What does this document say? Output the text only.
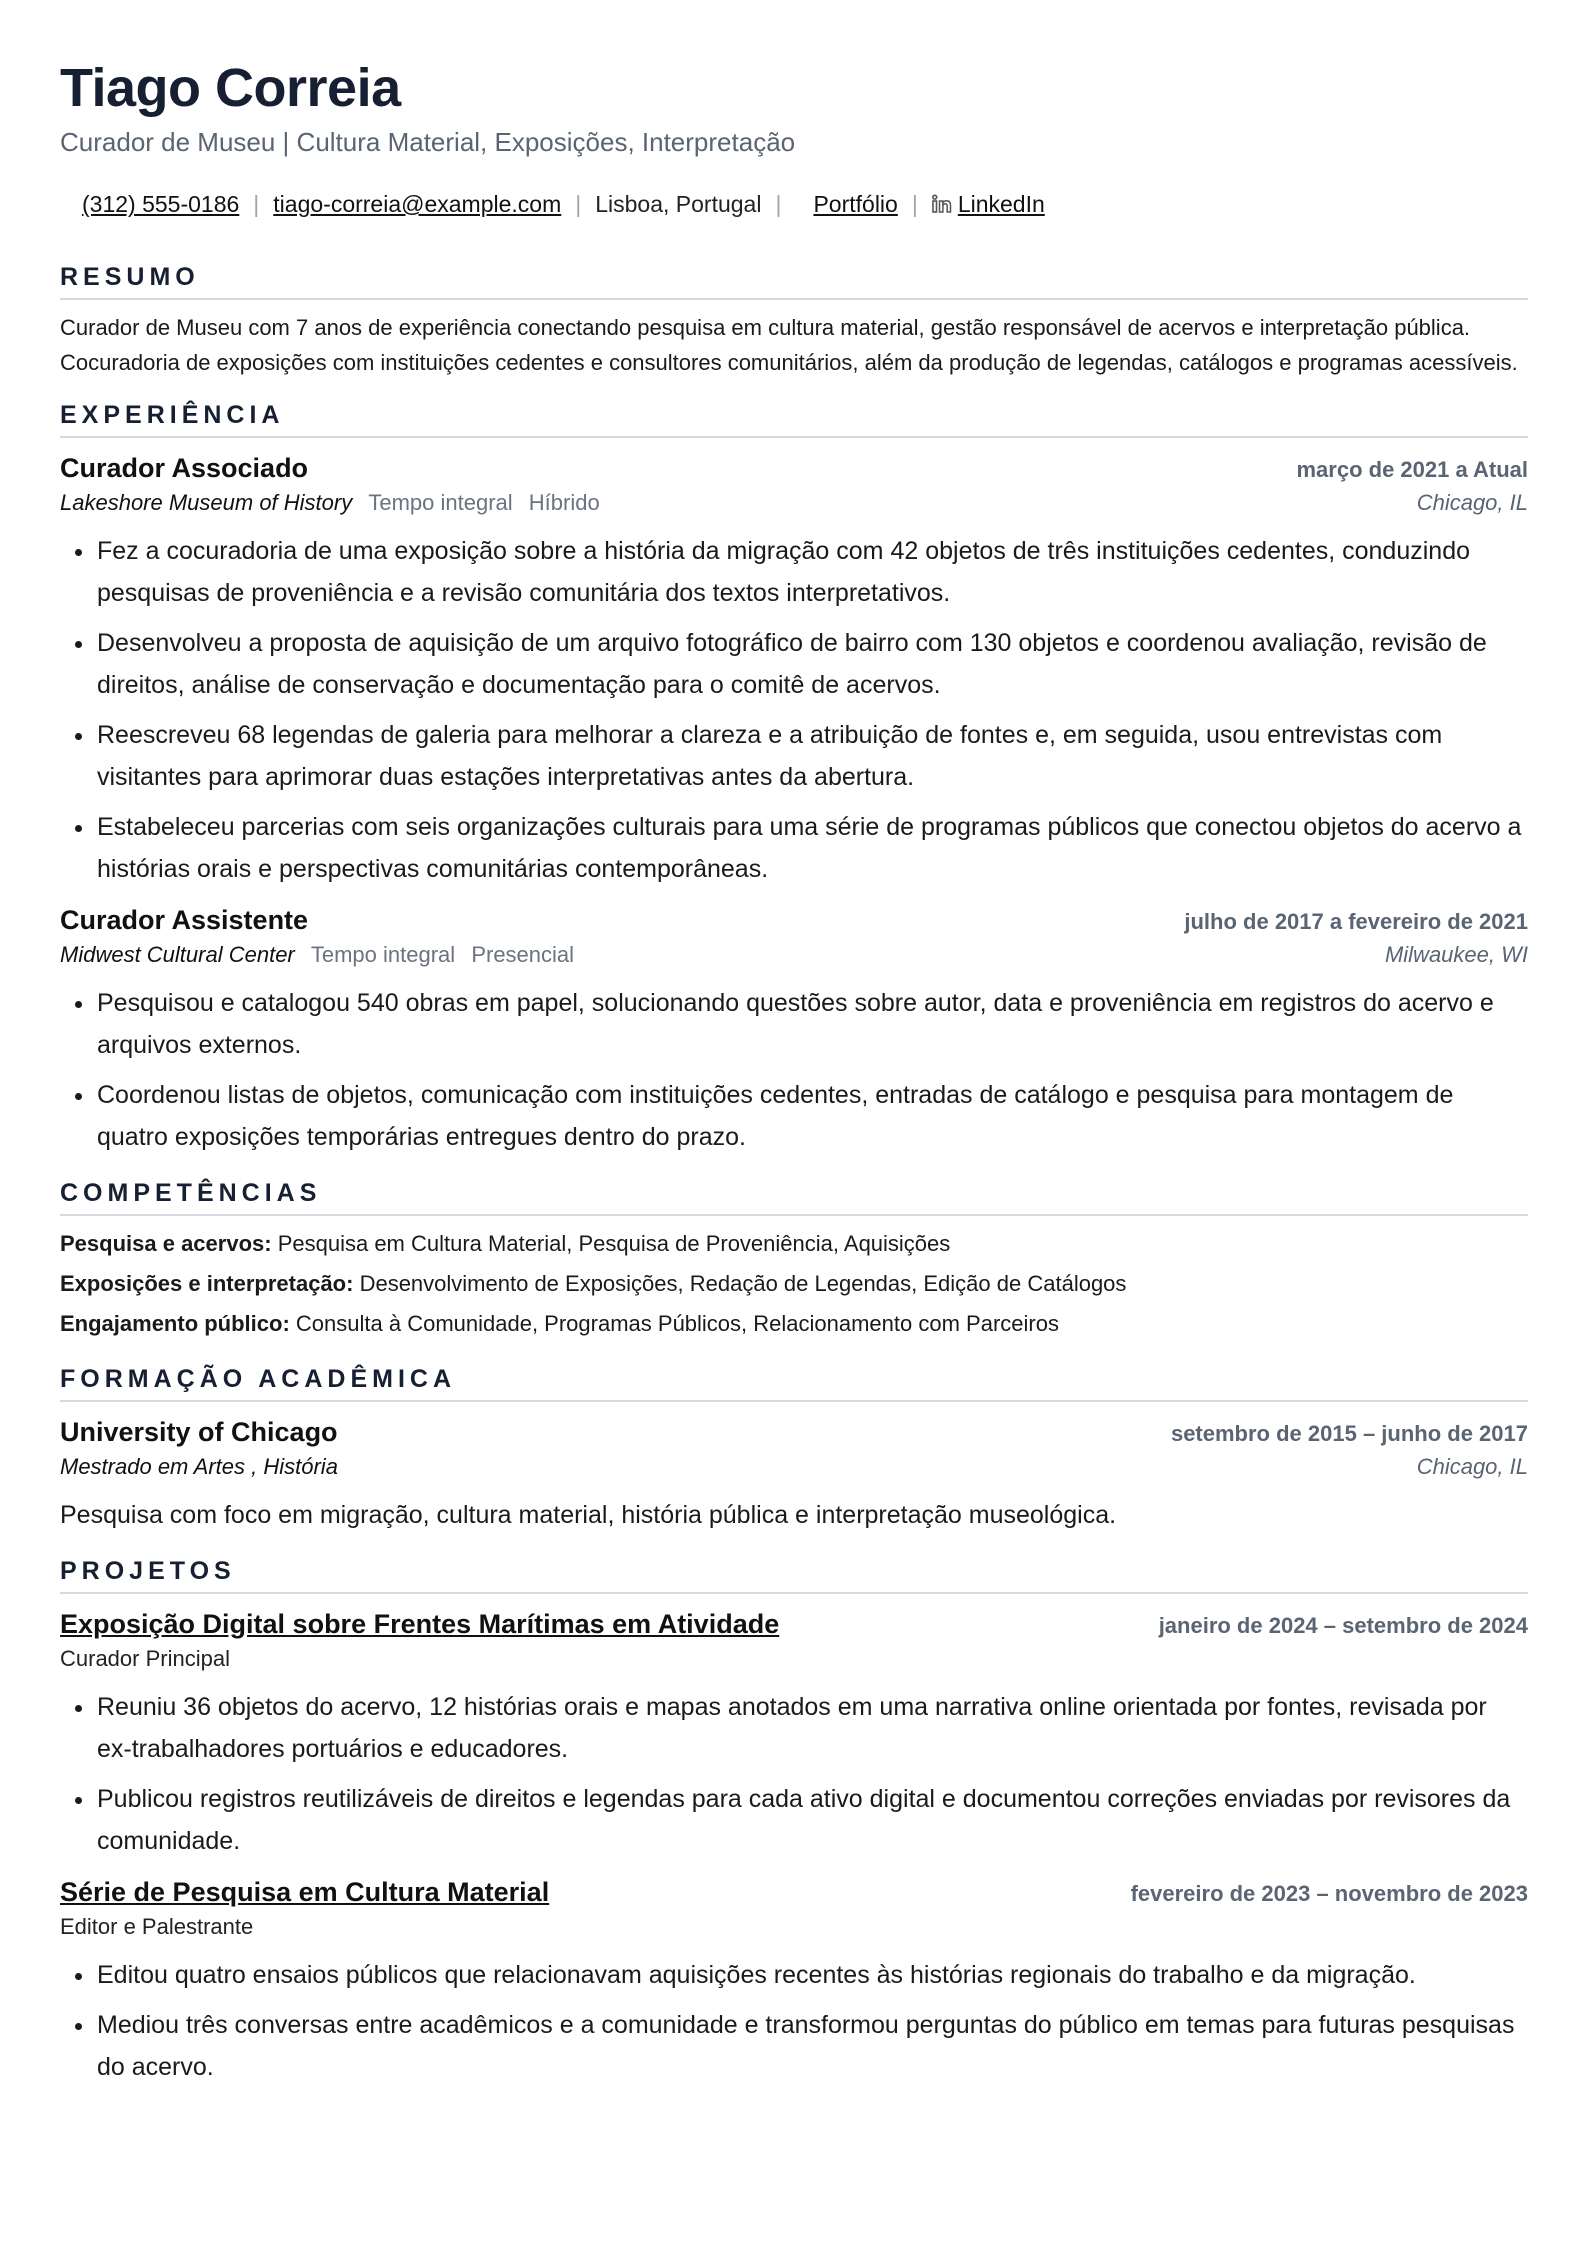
Tiago Correia
Curador de Museu | Cultura Material, Exposições, Interpretação
(312) 555-0186 | tiago-correia@example.com | Lisboa, Portugal | Portfólio | LinkedIn
RESUMO
Curador de Museu com 7 anos de experiência conectando pesquisa em cultura material, gestão responsável de acervos e interpretação pública. Cocuradoria de exposições com instituições cedentes e consultores comunitários, além da produção de legendas, catálogos e programas acessíveis.
EXPERIÊNCIA
Curador Associado	março de 2021 a Atual
Lakeshore Museum of History Tempo integral Híbrido	Chicago, IL
• Fez a cocuradoria de uma exposição sobre a história da migração com 42 objetos de três instituições cedentes, conduzindo pesquisas de proveniência e a revisão comunitária dos textos interpretativos.
• Desenvolveu a proposta de aquisição de um arquivo fotográfico de bairro com 130 objetos e coordenou avaliação, revisão de direitos, análise de conservação e documentação para o comitê de acervos.
• Reescreveu 68 legendas de galeria para melhorar a clareza e a atribuição de fontes e, em seguida, usou entrevistas com visitantes para aprimorar duas estações interpretativas antes da abertura.
• Estabeleceu parcerias com seis organizações culturais para uma série de programas públicos que conectou objetos do acervo a histórias orais e perspectivas comunitárias contemporâneas.
Curador Assistente	julho de 2017 a fevereiro de 2021
Midwest Cultural Center Tempo integral Presencial	Milwaukee, WI
• Pesquisou e catalogou 540 obras em papel, solucionando questões sobre autor, data e proveniência em registros do acervo e arquivos externos.
• Coordenou listas de objetos, comunicação com instituições cedentes, entradas de catálogo e pesquisa para montagem de quatro exposições temporárias entregues dentro do prazo.
COMPETÊNCIAS
Pesquisa e acervos: Pesquisa em Cultura Material, Pesquisa de Proveniência, Aquisições
Exposições e interpretação: Desenvolvimento de Exposições, Redação de Legendas, Edição de Catálogos
Engajamento público: Consulta à Comunidade, Programas Públicos, Relacionamento com Parceiros
FORMAÇÃO ACADÊMICA
University of Chicago	setembro de 2015 – junho de 2017
Mestrado em Artes , História	Chicago, IL
Pesquisa com foco em migração, cultura material, história pública e interpretação museológica.
PROJETOS
Exposição Digital sobre Frentes Marítimas em Atividade	janeiro de 2024 – setembro de 2024
Curador Principal
• Reuniu 36 objetos do acervo, 12 histórias orais e mapas anotados em uma narrativa online orientada por fontes, revisada por ex-trabalhadores portuários e educadores.
• Publicou registros reutilizáveis de direitos e legendas para cada ativo digital e documentou correções enviadas por revisores da comunidade.
Série de Pesquisa em Cultura Material	fevereiro de 2023 – novembro de 2023
Editor e Palestrante
• Editou quatro ensaios públicos que relacionavam aquisições recentes às histórias regionais do trabalho e da migração.
• Mediou três conversas entre acadêmicos e a comunidade e transformou perguntas do público em temas para futuras pesquisas do acervo.
